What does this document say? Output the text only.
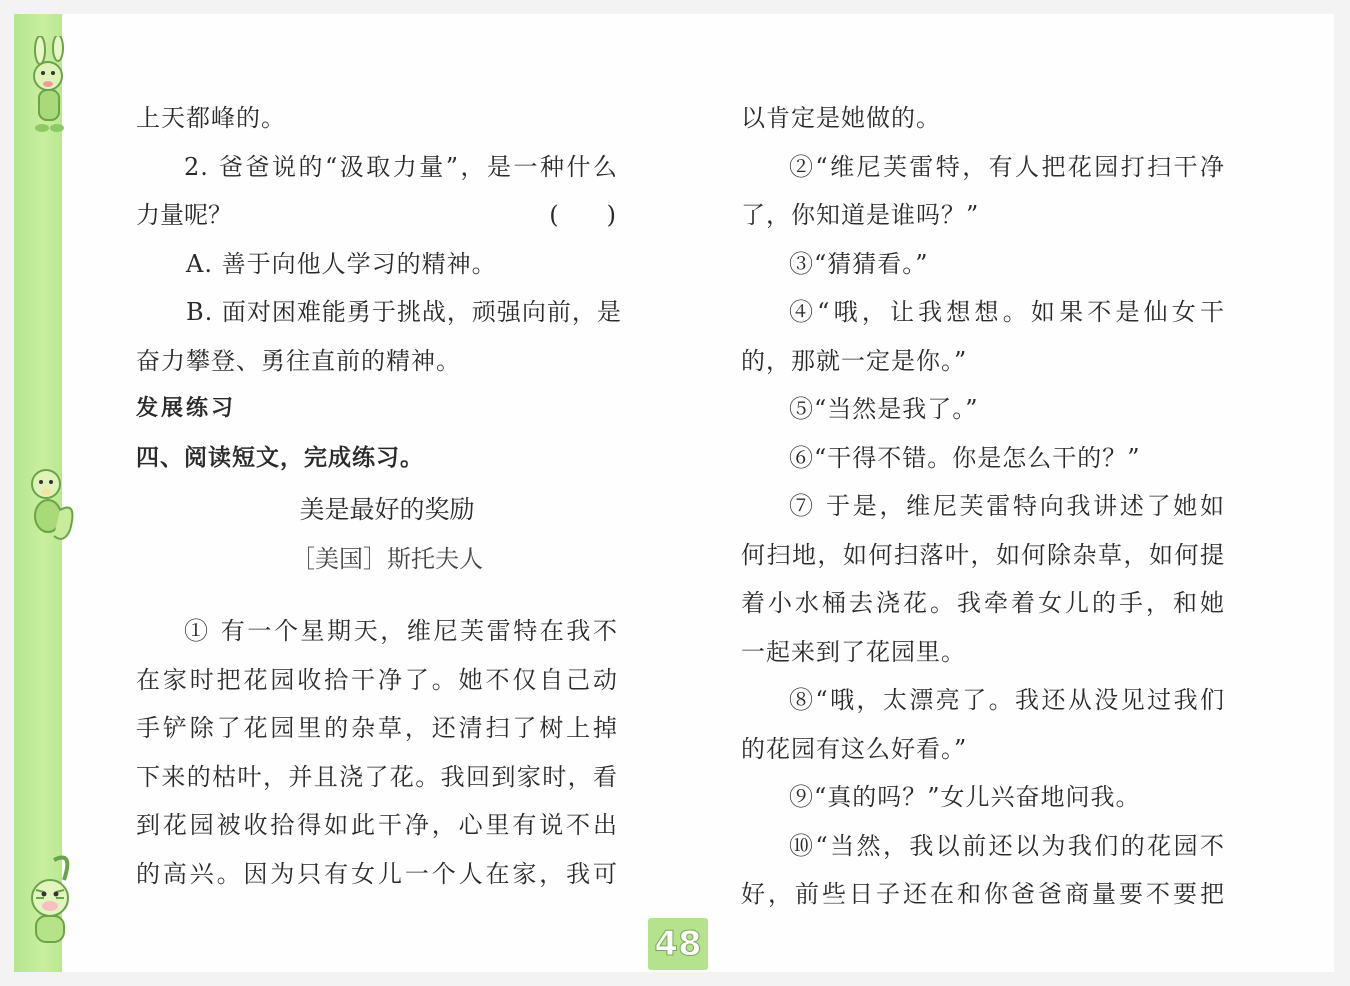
上天都峰的。

2. 爸爸说的“汲取力量”，是一种什么

力量呢？	(　　)

A. 善于向他人学习的精神。

B. 面对困难能勇于挑战，顽强向前，是

奋力攀登、勇往直前的精神。

发展练习

四、阅读短文，完成练习。

美是最好的奖励
［美国］斯托夫人

① 有一个星期天，维尼芙雷特在我不

在家时把花园收拾干净了。她不仅自己动

手铲除了花园里的杂草，还清扫了树上掉

下来的枯叶，并且浇了花。我回到家时，看

到花园被收拾得如此干净，心里有说不出

的高兴。因为只有女儿一个人在家，我可

以肯定是她做的。

②“维尼芙雷特，有人把花园打扫干净

了，你知道是谁吗？”

③“猜猜看。”

④“哦，让我想想。如果不是仙女干

的，那就一定是你。”

⑤“当然是我了。”

⑥“干得不错。你是怎么干的？”

⑦ 于是，维尼芙雷特向我讲述了她如

何扫地，如何扫落叶，如何除杂草，如何提

着小水桶去浇花。我牵着女儿的手，和她

一起来到了花园里。

⑧“哦，太漂亮了。我还从没见过我们

的花园有这么好看。”

⑨“真的吗？”女儿兴奋地问我。

⑩“当然，我以前还以为我们的花园不

好，前些日子还在和你爸爸商量要不要把

48
